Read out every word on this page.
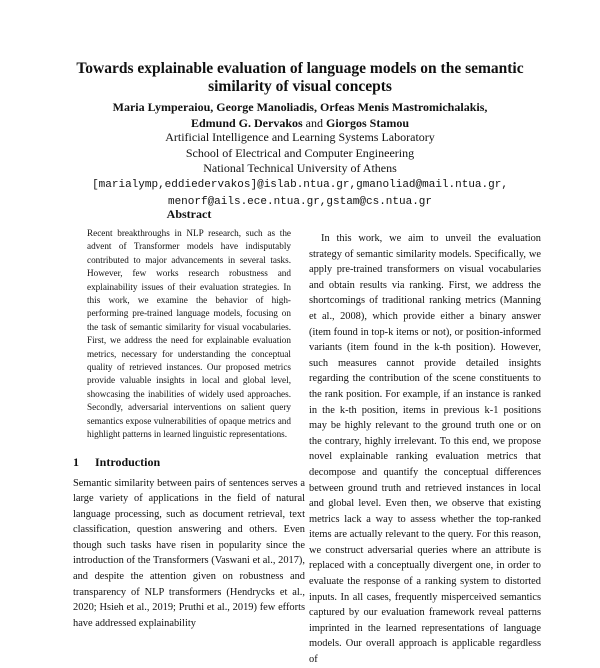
Towards explainable evaluation of language models on the semantic similarity of visual concepts
Maria Lymperaiou, George Manoliadis, Orfeas Menis Mastromichalakis,
Edmund G. Dervakos and Giorgos Stamou
Artificial Intelligence and Learning Systems Laboratory
School of Electrical and Computer Engineering
National Technical University of Athens
[marialymp,eddiedervakos]@islab.ntua.gr,gmanoliad@mail.ntua.gr,
menorf@ails.ece.ntua.gr,gstam@cs.ntua.gr
Abstract

Recent breakthroughs in NLP research, such as the advent of Transformer models have indisputably contributed to major advancements in several tasks. However, few works research robustness and explainability issues of their evaluation strategies. In this work, we examine the behavior of high-performing pre-trained language models, focusing on the task of semantic similarity for visual vocabularies. First, we address the need for explainable evaluation metrics, necessary for understanding the conceptual quality of retrieved instances. Our proposed metrics provide valuable insights in local and global level, showcasing the inabilities of widely used approaches. Secondly, adversarial interventions on salient query semantics expose vulnerabilities of opaque metrics and highlight patterns in learned linguistic representations.

1 Introduction

Semantic similarity between pairs of sentences serves a large variety of applications in the field of natural language processing, such as document retrieval, text classification, question answering and others. Even though such tasks have risen in popularity since the introduction of the Transformers (Vaswani et al., 2017), and despite the attention given on robustness and transparency of NLP transformers (Hendrycks et al., 2020; Hsieh et al., 2019; Pruthi et al., 2019) few efforts have addressed explainability

In this work, we aim to unveil the evaluation strategy of semantic similarity models. Specifically, we apply pre-trained transformers on visual vocabularies and obtain results via ranking. First, we address the shortcomings of traditional ranking metrics (Manning et al., 2008), which provide either a binary answer (item found in top-k items or not), or position-informed variants (item found in the k-th position). However, such measures cannot provide detailed insights regarding the contribution of the scene constituents to the rank position. For example, if an instance is ranked in the k-th position, items in previous k-1 positions may be highly relevant to the ground truth one or on the contrary, highly irrelevant. To this end, we propose novel explainable ranking evaluation metrics that decompose and quantify the conceptual differences between ground truth and retrieved instances in local and global level. Even then, we observe that existing metrics lack a way to assess whether the top-ranked items are actually relevant to the query. For this reason, we construct adversarial queries where an attribute is replaced with a conceptually divergent one, in order to evaluate the response of a ranking system to distorted inputs. In all cases, frequently misperceived semantics captured by our evaluation framework reveal patterns imprinted in the learned representations of language models. Our overall approach is applicable regardless of
